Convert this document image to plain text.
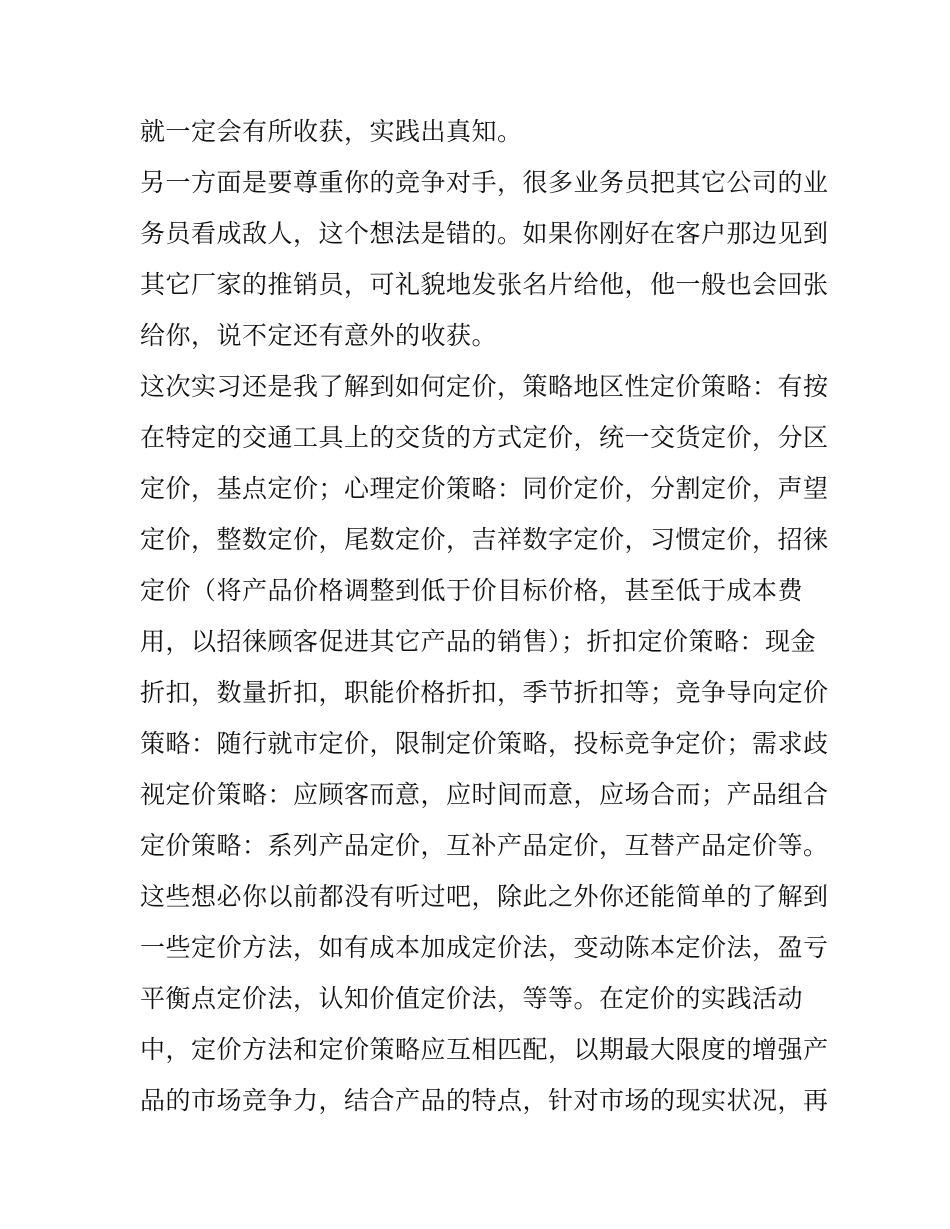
就一定会有所收获，实践出真知。
另一方面是要尊重你的竞争对手，很多业务员把其它公司的业
务员看成敌人，这个想法是错的。如果你刚好在客户那边见到
其它厂家的推销员，可礼貌地发张名片给他，他一般也会回张
给你，说不定还有意外的收获。
这次实习还是我了解到如何定价，策略地区性定价策略：有按
在特定的交通工具上的交货的方式定价，统一交货定价，分区
定价，基点定价；心理定价策略：同价定价，分割定价，声望
定价，整数定价，尾数定价，吉祥数字定价，习惯定价，招徕
定价（将产品价格调整到低于价目标价格，甚至低于成本费
用，以招徕顾客促进其它产品的销售）；折扣定价策略：现金
折扣，数量折扣，职能价格折扣，季节折扣等；竞争导向定价
策略：随行就市定价，限制定价策略，投标竞争定价；需求歧
视定价策略：应顾客而意，应时间而意，应场合而；产品组合
定价策略：系列产品定价，互补产品定价，互替产品定价等。
这些想必你以前都没有听过吧，除此之外你还能简单的了解到
一些定价方法，如有成本加成定价法，变动陈本定价法，盈亏
平衡点定价法，认知价值定价法，等等。在定价的实践活动
中，定价方法和定价策略应互相匹配，以期最大限度的增强产
品的市场竞争力，结合产品的特点，针对市场的现实状况，再
